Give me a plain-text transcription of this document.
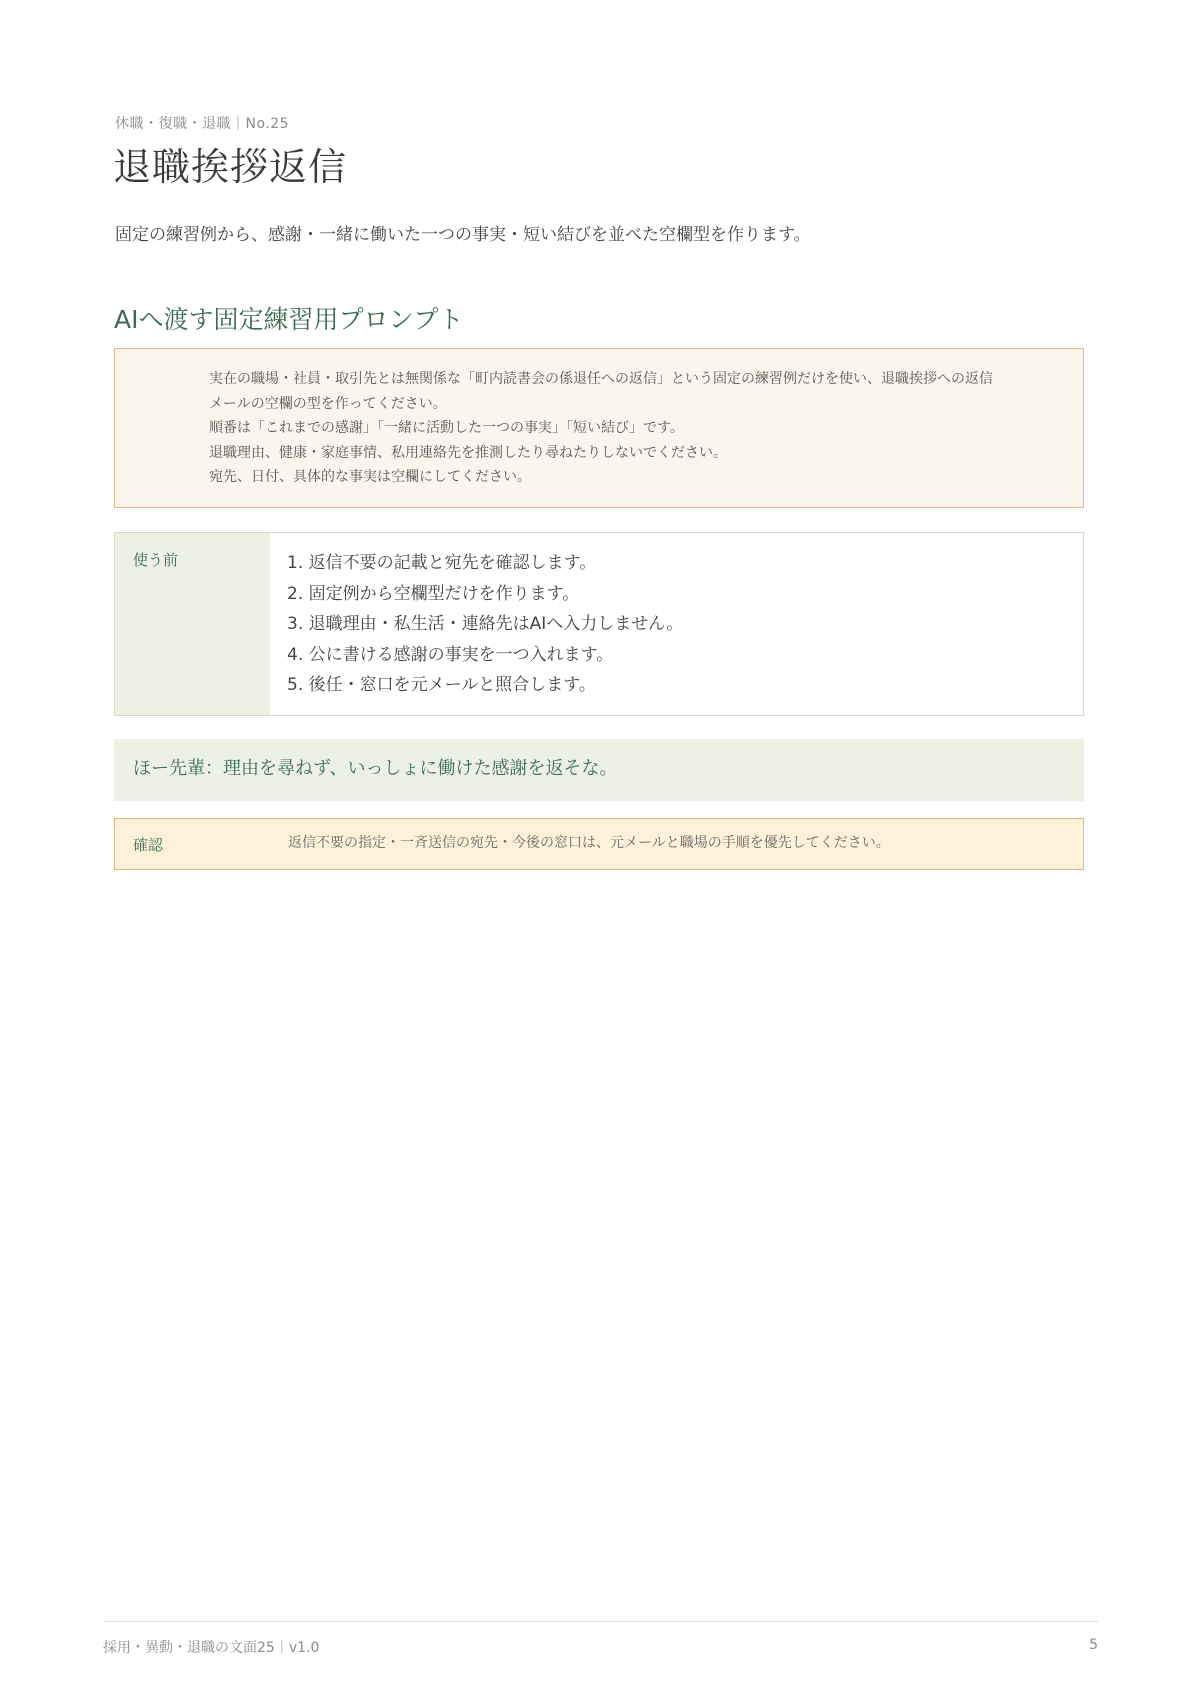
休職・復職・退職｜No.25
退職挨拶返信
固定の練習例から、感謝・一緒に働いた一つの事実・短い結びを並べた空欄型を作ります。
AIへ渡す固定練習用プロンプト
実在の職場・社員・取引先とは無関係な「町内読書会の係退任への返信」という固定の練習例だけを使い、退職挨拶への返信
メールの空欄の型を作ってください。
順番は「これまでの感謝」「一緒に活動した一つの事実」「短い結び」です。
退職理由、健康・家庭事情、私用連絡先を推測したり尋ねたりしないでください。
宛先、日付、具体的な事実は空欄にしてください。
使う前	1. 返信不要の記載と宛先を確認します。
2. 固定例から空欄型だけを作ります。
3. 退職理由・私生活・連絡先はAIへ入力しません。
4. 公に書ける感謝の事実を一つ入れます。
5. 後任・窓口を元メールと照合します。
ほー先輩：理由を尋ねず、いっしょに働けた感謝を返そな。
確認	返信不要の指定・一斉送信の宛先・今後の窓口は、元メールと職場の手順を優先してください。
採用・異動・退職の文面25｜v1.0	5
